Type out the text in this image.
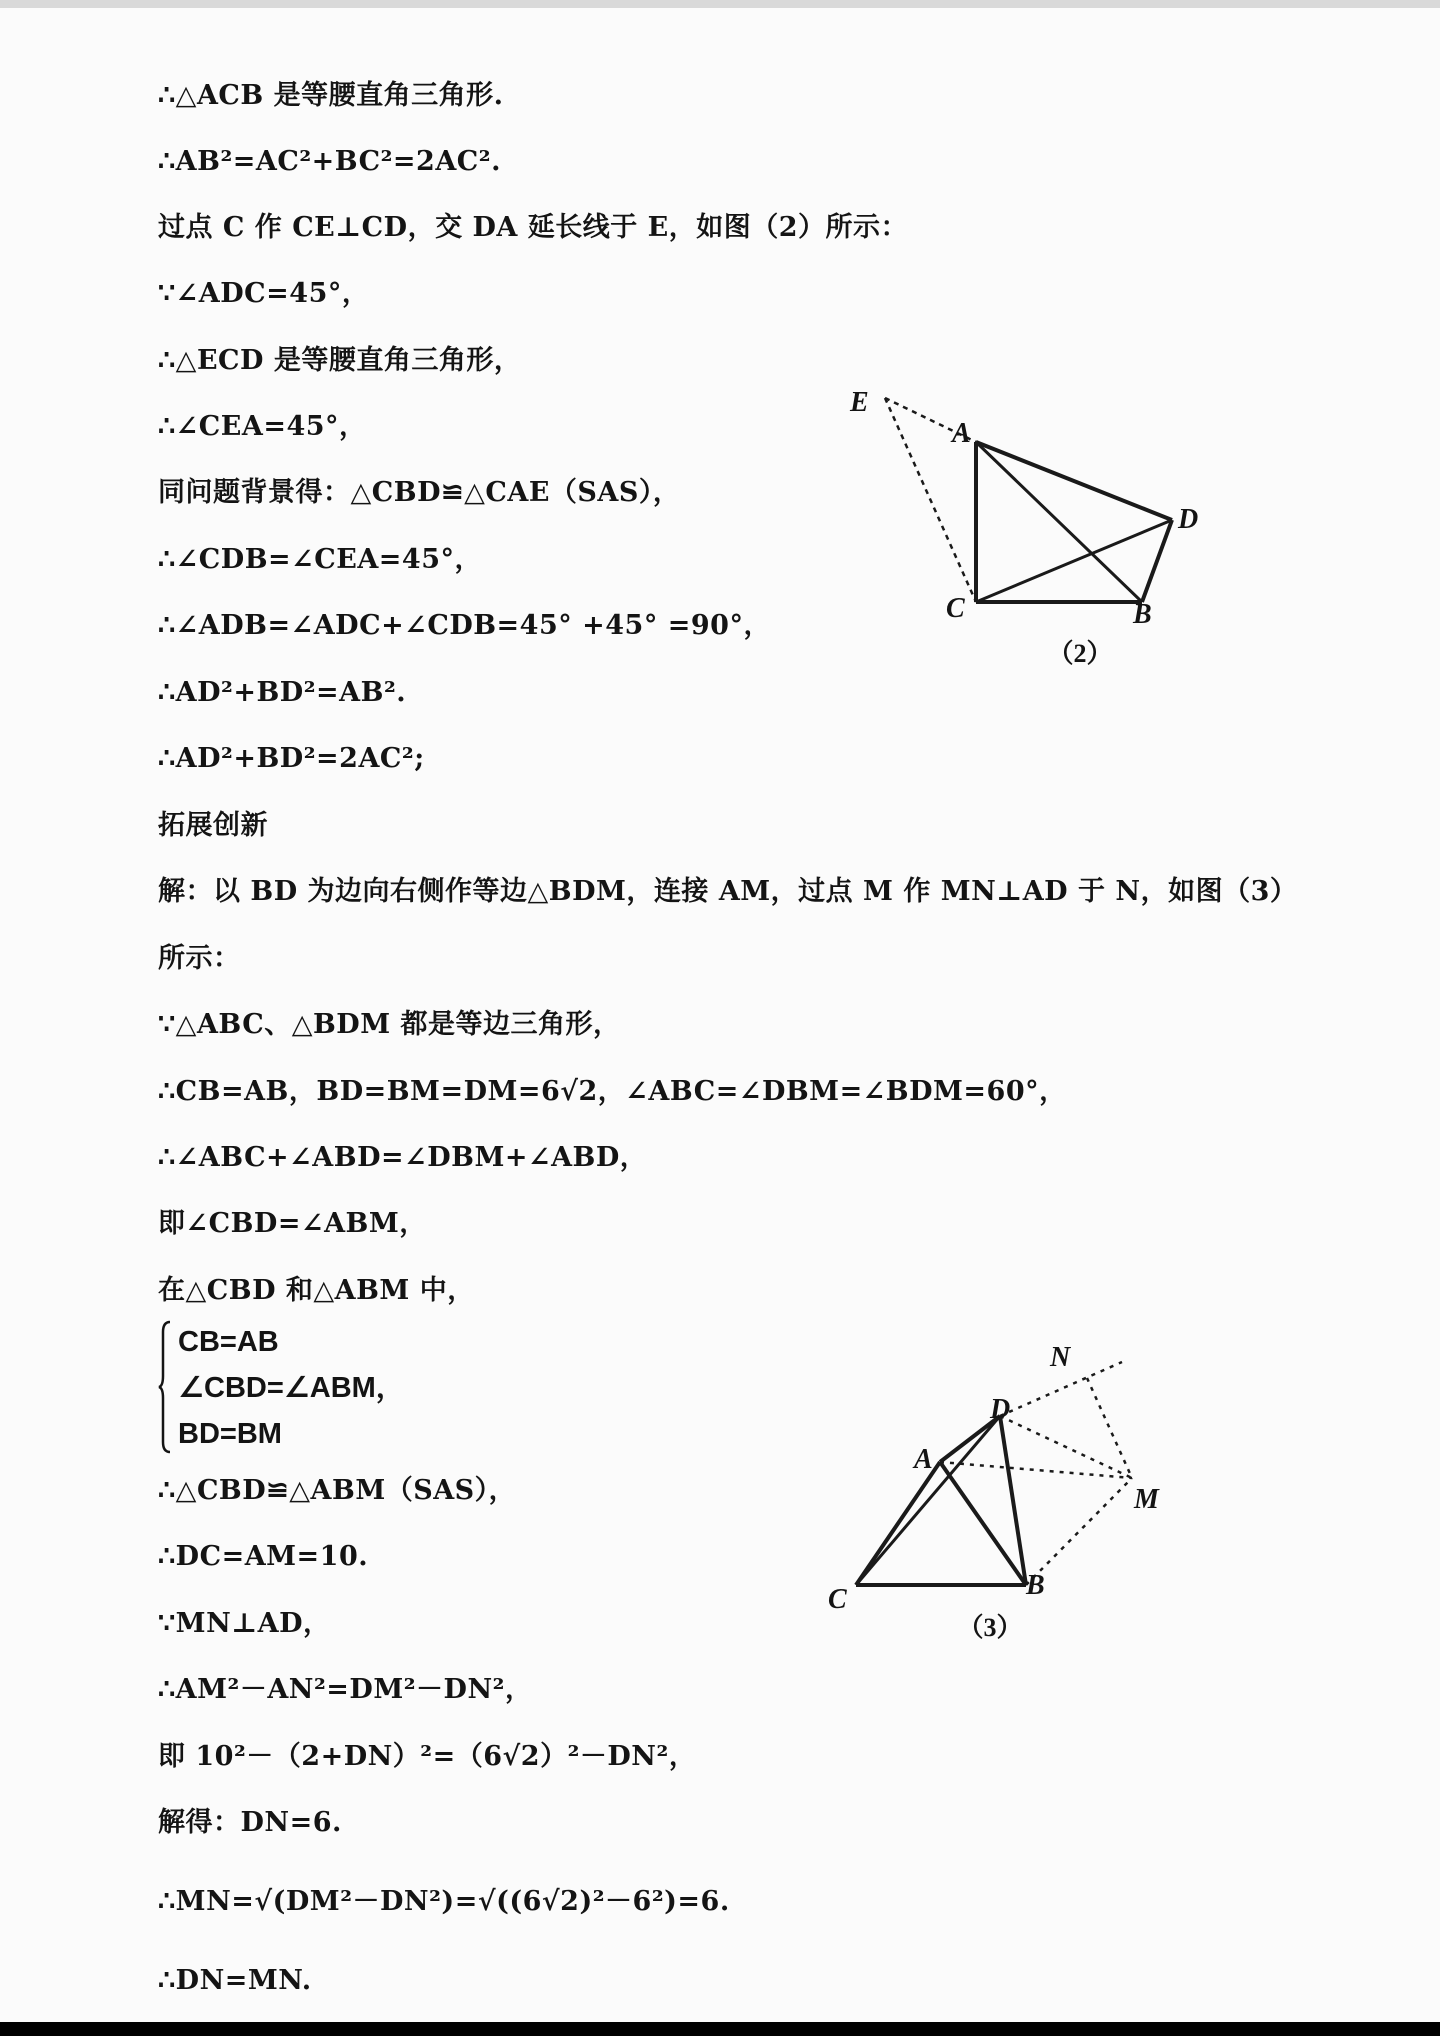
∴△ACB 是等腰直角三角形.

∴AB²=AC²+BC²=2AC².

过点 C 作 CE⊥CD，交 DA 延长线于 E，如图（2）所示：

∵∠ADC=45°，

∴△ECD 是等腰直角三角形，

∴∠CEA=45°，

同问题背景得：△CBD≌△CAE（SAS），

∴∠CDB=∠CEA=45°，

∴∠ADB=∠ADC+∠CDB=45° +45° =90°，

∴AD²+BD²=AB².

∴AD²+BD²=2AC²;

拓展创新

解：以 BD 为边向右侧作等边△BDM，连接 AM，过点 M 作 MN⊥AD 于 N，如图（3）

所示：

∵△ABC、△BDM 都是等边三角形，

∴CB=AB，BD=BM=DM=6√2，∠ABC=∠DBM=∠BDM=60°，

∴∠ABC+∠ABD=∠DBM+∠ABD，

即∠CBD=∠ABM，

在△CBD 和△ABM 中，

CB=AB

∠CBD=∠ABM，

BD=BM

∴△CBD≌△ABM（SAS），

∴DC=AM=10.

∵MN⊥AD，

∴AM²－AN²=DM²－DN²，

即 10²－（2+DN）²=（6√2）²－DN²，

解得：DN=6.

∴MN=√(DM²－DN²)=√((6√2)²－6²)=6.

∴DN=MN.

E
A
D
C	B
（2）
N
D
A
M
C	B
（3）
